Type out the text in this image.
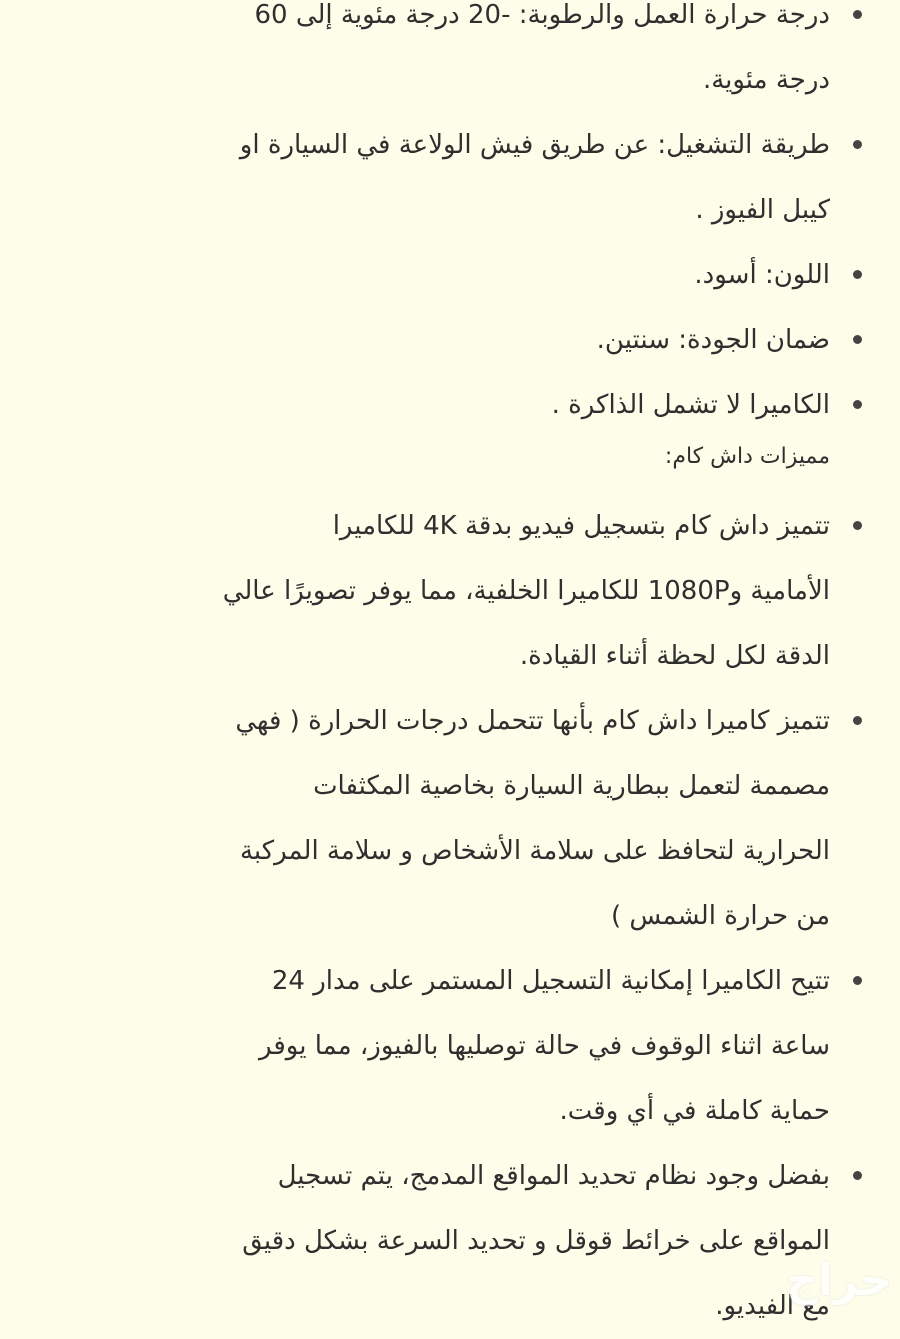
درجة حرارة العمل والرطوبة: -20 درجة مئوية إلى 60
درجة مئوية.
طريقة التشغيل: عن طريق فيش الولاعة في السيارة او
كيبل الفيوز .
اللون: أسود.
ضمان الجودة: سنتين.
الكاميرا لا تشمل الذاكرة .
مميزات داش كام:
تتميز داش كام بتسجيل فيديو بدقة 4K للكاميرا
الأمامية و1080P للكاميرا الخلفية، مما يوفر تصويرًا عالي
الدقة لكل لحظة أثناء القيادة.
تتميز كاميرا داش كام بأنها تتحمل درجات الحرارة ( فهي
مصممة لتعمل ببطارية السيارة بخاصية المكثفات
الحرارية لتحافظ على سلامة الأشخاص و سلامة المركبة
من حرارة الشمس )
تتيح الكاميرا إمكانية التسجيل المستمر على مدار 24
ساعة اثناء الوقوف في حالة توصليها بالفيوز، مما يوفر
حماية كاملة في أي وقت.
بفضل وجود نظام تحديد المواقع المدمج، يتم تسجيل
المواقع على خرائط قوقل و تحديد السرعة بشكل دقيق
مع الفيديو.
حراج
